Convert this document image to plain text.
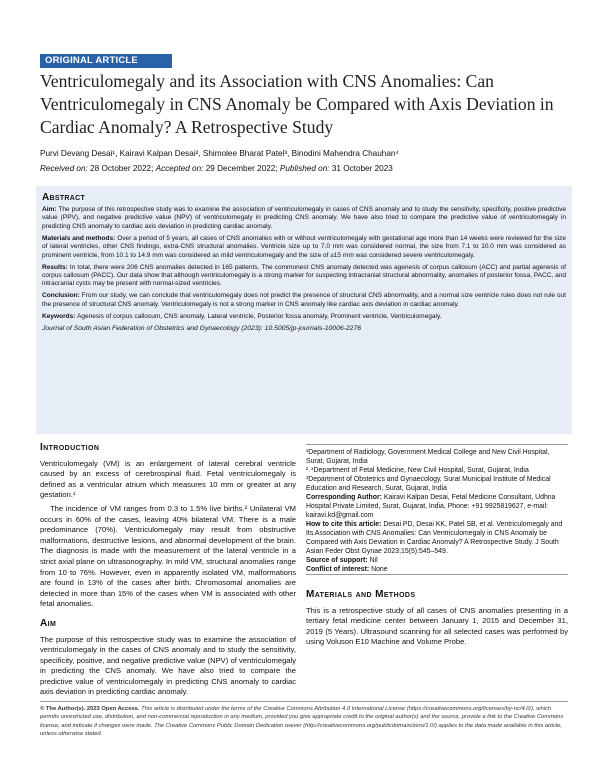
ORIGINAL ARTICLE
Ventriculomegaly and its Association with CNS Anomalies: Can Ventriculomegaly in CNS Anomaly be Compared with Axis Deviation in Cardiac Anomaly? A Retrospective Study
Purvi Devang Desai¹, Kairavi Kalpan Desai², Shimolee Bharat Patel³, Binodini Mahendra Chauhan⁴
Received on: 28 October 2022; Accepted on: 29 December 2022; Published on: 31 October 2023
Abstract

Aim: The purpose of this retrospective study was to examine the association of ventriculomegaly in cases of CNS anomaly and to study the sensitivity, specificity, positive predictive value (PPV), and negative predictive value (NPV) of ventriculomegaly in predicting CNS anomaly. We have also tried to compare the predictive value of ventriculomegaly in predicting CNS anomaly to cardiac axis deviation in predicting cardiac anomaly.

Materials and methods: Over a period of 5 years, all cases of CNS anomalies with or without ventriculomegaly with gestational age more than 14 weeks were reviewed for the size of lateral ventricles, other CNS findings, extra-CNS structural anomalies. Ventricle size up to 7.0 mm was considered normal, the size from 7.1 to 10.0 mm was considered as prominent ventricle, from 10.1 to 14.9 mm was considered as mild ventriculomegaly and the size of ≥15 mm was considered severe ventriculomegaly.

Results: In total, there were 206 CNS anomalies detected in 165 patients. The commonest CNS anomaly detected was agenesis of corpus callosum (ACC) and partial agenesis of corpus callosum (PACC). Our data show that although ventriculomegaly is a strong marker for suspecting intracranial structural abnormality, anomalies of posterior fossa, PACC, and intracranial cysts may be present with normal-sized ventricles.

Conclusion: From our study, we can conclude that ventriculomegaly does not predict the presence of structural CNS abnormality, and a normal size ventricle rules does not rule out the presence of structural CNS anomaly. Ventriculomegaly is not a strong marker in CNS anomaly like cardiac axis deviation in cardiac anomaly.

Keywords: Agenesis of corpus callosum, CNS anomaly, Lateral ventricle, Posterior fossa anomaly, Prominent ventricle, Ventriculomegaly.

Journal of South Asian Federation of Obstetrics and Gynaecology (2023): 10.5005/jp-journals-10006-2276

Introduction

Ventriculomegaly (VM) is an enlargement of lateral cerebral ventricle caused by an excess of cerebrospinal fluid. Fetal ventriculomegaly is defined as a ventricular atrium which measures 10 mm or greater at any gestation.¹

The incidence of VM ranges from 0.3 to 1.5% live births.² Unilateral VM occurs in 60% of the cases, leaving 40% bilateral VM. There is a male predominance (70%). Ventriculomegaly may result from obstructive malformations, destructive lesions, and abnormal development of the brain. The diagnosis is made with the measurement of the lateral ventricle in a strict axial plane on ultrasonography. In mild VM, structural anomalies range from 10 to 76%. However, even in apparently isolated VM, malformations are found in 13% of the cases after birth. Chromosomal anomalies are detected in more than 15% of the cases when VM is associated with other fetal anomalies.

Aim

The purpose of this retrospective study was to examine the association of ventriculomegaly in the cases of CNS anomaly and to study the sensitivity, specificity, positive, and negative predictive value (NPV) of ventriculomegaly in predicting the CNS anomaly. We have also tried to compare the predictive value of ventriculomegaly in predicting CNS anomaly to cardiac axis deviation in predicting cardiac anomaly.

¹Department of Radiology, Government Medical College and New Civil Hospital, Surat, Gujarat, India

²˒⁴Department of Fetal Medicine, New Civil Hospital, Surat, Gujarat, India

³Department of Obstetrics and Gynaecology, Surat Municipal Institute of Medical Education and Research, Surat, Gujarat, India

Corresponding Author: Kairavi Kalpan Desai, Fetal Medicine Consultant, Udhna Hospital Private Limited, Surat, Gujarat, India, Phone: +91 9925819627, e-mail: kairavi.kd@gmail.com

How to cite this article: Desai PD, Desai KK, Patel SB, et al. Ventriculomegaly and Its Association with CNS Anomalies: Can Ventriculomegaly in CNS Anomaly be Compared with Axis Deviation in Cardiac Anomaly? A Retrospective Study. J South Asian Feder Obst Gynae 2023;15(5):545–549.

Source of support: Nil

Conflict of interest: None

Materials and Methods

This is a retrospective study of all cases of CNS anomalies presenting in a tertiary fetal medicine center between January 1, 2015 and December 31, 2019 (5 Years). Ultrasound scanning for all selected cases was performed by using Voluson E10 Machine and Volume Probe.

© The Author(s). 2023 Open Access. This article is distributed under the terms of the Creative Commons Attribution 4.0 International License (https://creativecommons.org/licenses/by-nc/4.0/), which permits unrestricted use, distribution, and non-commercial reproduction in any medium, provided you give appropriate credit to the original author(s) and the source, provide a link to the Creative Commons license, and indicate if changes were made. The Creative Commons Public Domain Dedication waiver (http://creativecommons.org/publicdomain/zero/1.0/) applies to the data made available in this article, unless otherwise stated.
